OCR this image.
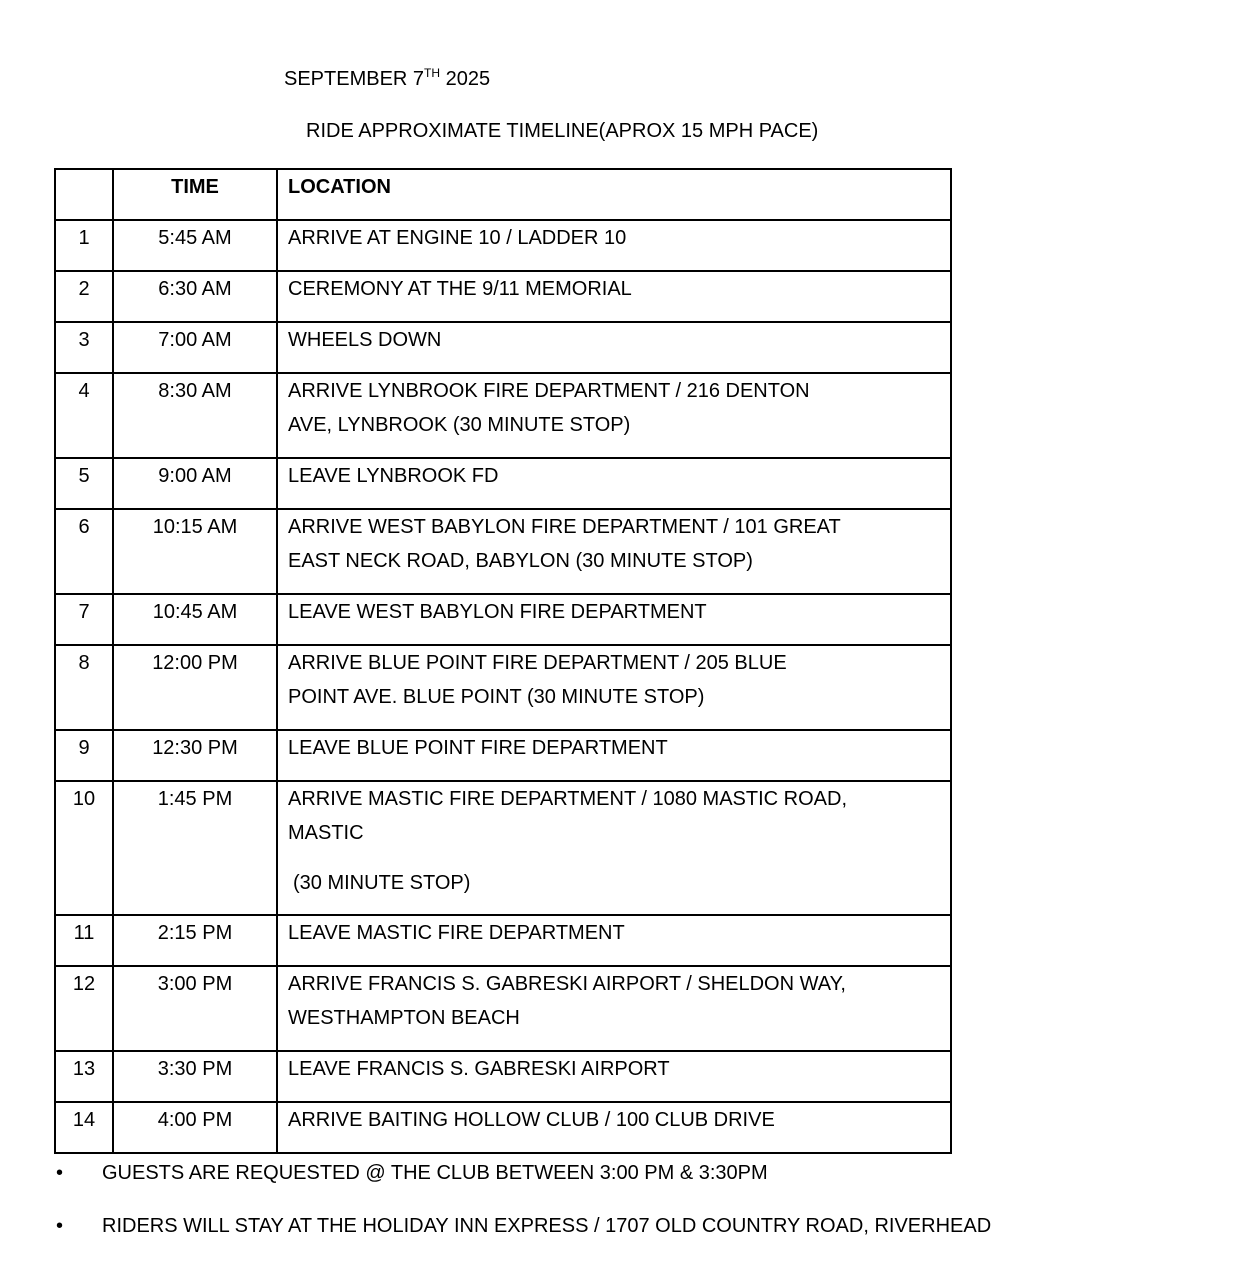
SEPTEMBER 7TH 2025
RIDE APPROXIMATE TIMELINE(APROX 15 MPH PACE)
	TIME	LOCATION
1	5:45 AM	ARRIVE AT ENGINE 10 / LADDER 10

2	6:30 AM	CEREMONY AT THE 9/11 MEMORIAL

3	7:00 AM	WHEELS DOWN

4	8:30 AM	ARRIVE LYNBROOK FIRE DEPARTMENT / 216 DENTON
AVE, LYNBROOK (30 MINUTE STOP)

5	9:00 AM	LEAVE LYNBROOK FD

6	10:15 AM	ARRIVE WEST BABYLON FIRE DEPARTMENT / 101 GREAT
EAST NECK ROAD, BABYLON (30 MINUTE STOP)

7	10:45 AM	LEAVE WEST BABYLON FIRE DEPARTMENT

8	12:00 PM	ARRIVE BLUE POINT FIRE DEPARTMENT / 205 BLUE
POINT AVE. BLUE POINT (30 MINUTE STOP)

9	12:30 PM	LEAVE BLUE POINT FIRE DEPARTMENT

10	1:45 PM	ARRIVE MASTIC FIRE DEPARTMENT / 1080 MASTIC ROAD,
MASTIC
(30 MINUTE STOP)

11	2:15 PM	LEAVE MASTIC FIRE DEPARTMENT

12	3:00 PM	ARRIVE FRANCIS S. GABRESKI AIRPORT / SHELDON WAY,
WESTHAMPTON BEACH

13	3:30 PM	LEAVE FRANCIS S. GABRESKI AIRPORT

14	4:00 PM	ARRIVE BAITING HOLLOW CLUB / 100 CLUB DRIVE
• GUESTS ARE REQUESTED @ THE CLUB BETWEEN 3:00 PM & 3:30PM
• RIDERS WILL STAY AT THE HOLIDAY INN EXPRESS / 1707 OLD COUNTRY ROAD, RIVERHEAD
